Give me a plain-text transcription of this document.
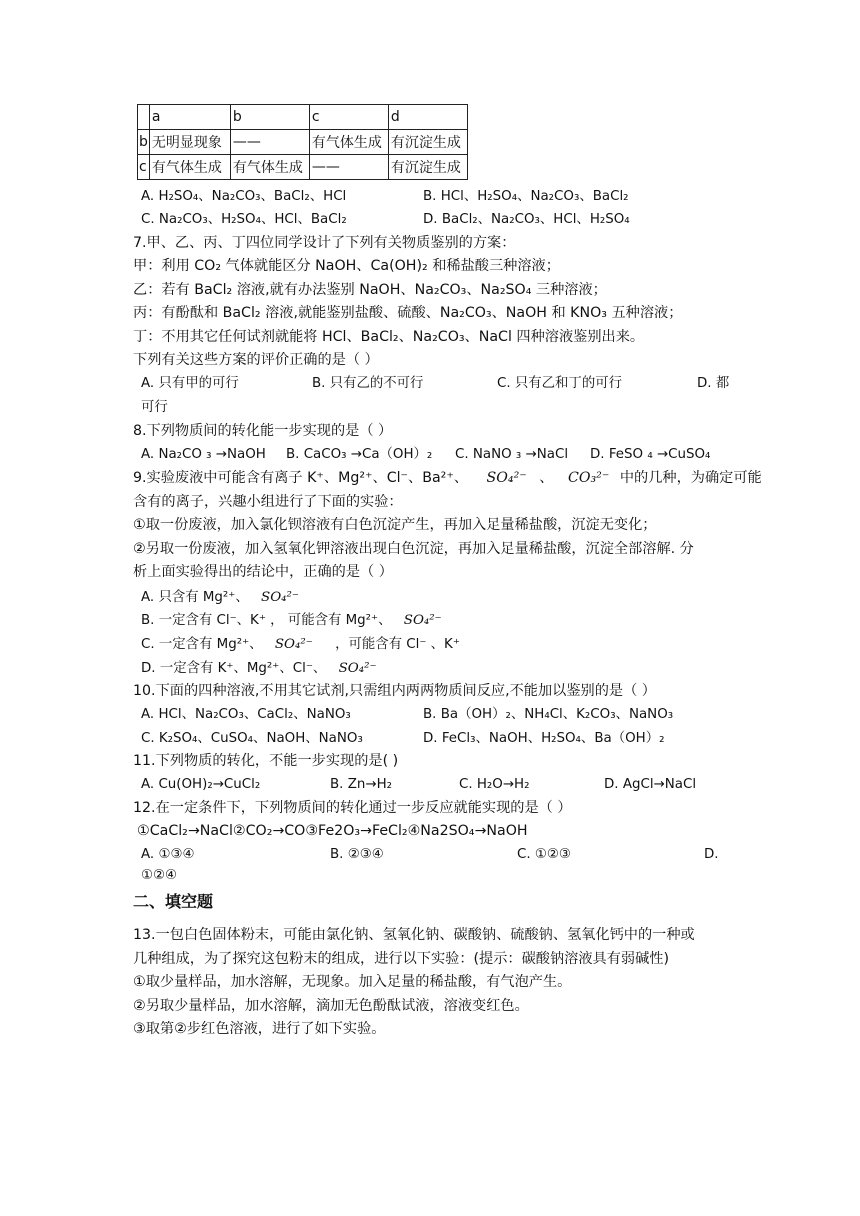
	a	b	c	d
b	无明显现象	——	有气体生成	有沉淀生成
c	有气体生成	有气体生成	——	有沉淀生成
A. H₂SO₄、Na₂CO₃、BaCl₂、HCl	B. HCl、H₂SO₄、Na₂CO₃、BaCl₂
C. Na₂CO₃、H₂SO₄、HCl、BaCl₂	D. BaCl₂、Na₂CO₃、HCl、H₂SO₄
7.甲、乙、丙、丁四位同学设计了下列有关物质鉴别的方案：
甲：利用 CO₂ 气体就能区分 NaOH、Ca(OH)₂ 和稀盐酸三种溶液；
乙：若有 BaCl₂ 溶液,就有办法鉴别 NaOH、Na₂CO₃、Na₂SO₄ 三种溶液；
丙：有酚酞和 BaCl₂ 溶液,就能鉴别盐酸、硫酸、Na₂CO₃、NaOH 和 KNO₃ 五种溶液；
丁：不用其它任何试剂就能将 HCl、BaCl₂、Na₂CO₃、NaCl 四种溶液鉴别出来。
下列有关这些方案的评价正确的是（ ）
A. 只有甲的可行	B. 只有乙的不可行	C. 只有乙和丁的可行	D. 都
可行
8.下列物质间的转化能一步实现的是（ ）
A. Na₂CO ₃ →NaOH B. CaCO₃ →Ca（OH）₂ C. NaNO ₃ →NaCl D. FeSO ₄ →CuSO₄
9.实验废液中可能含有离子 K⁺、Mg²⁺、Cl⁻、Ba²⁺、 SO₄²⁻ 、 CO₃²⁻ 中的几种，为确定可能
含有的离子，兴趣小组进行了下面的实验：
①取一份废液，加入氯化钡溶液有白色沉淀产生，再加入足量稀盐酸，沉淀无变化；
②另取一份废液，加入氢氧化钾溶液出现白色沉淀，再加入足量稀盐酸，沉淀全部溶解. 分
析上面实验得出的结论中，正确的是（ ）
A. 只含有 Mg²⁺、 SO₄²⁻
B. 一定含有 Cl⁻、K⁺ ， 可能含有 Mg²⁺、 SO₄²⁻
C. 一定含有 Mg²⁺、 SO₄²⁻ ，可能含有 Cl⁻ 、K⁺
D. 一定含有 K⁺、Mg²⁺、Cl⁻、 SO₄²⁻
10.下面的四种溶液,不用其它试剂,只需组内两两物质间反应,不能加以鉴别的是（ ）
A. HCl、Na₂CO₃、CaCl₂、NaNO₃	B. Ba（OH）₂、NH₄Cl、K₂CO₃、NaNO₃
C. K₂SO₄、CuSO₄、NaOH、NaNO₃	D. FeCl₃、NaOH、H₂SO₄、Ba（OH）₂
11.下列物质的转化，不能一步实现的是( )
A. Cu(OH)₂→CuCl₂	B. Zn→H₂	C. H₂O→H₂	D. AgCl→NaCl
12.在一定条件下，下列物质间的转化通过一步反应就能实现的是（ ）
①CaCl₂→NaCl②CO₂→CO③Fe2O₃→FeCl₂④Na2SO₄→NaOH
A. ①③④	B. ②③④	C. ①②③	D.
①②④
二、填空题
13.一包白色固体粉末，可能由氯化钠、氢氧化钠、碳酸钠、硫酸钠、氢氧化钙中的一种或
几种组成，为了探究这包粉末的组成，进行以下实验：(提示：碳酸钠溶液具有弱碱性)
①取少量样品，加水溶解，无现象。加入足量的稀盐酸，有气泡产生。
②另取少量样品，加水溶解，滴加无色酚酞试液，溶液变红色。
③取第②步红色溶液，进行了如下实验。
